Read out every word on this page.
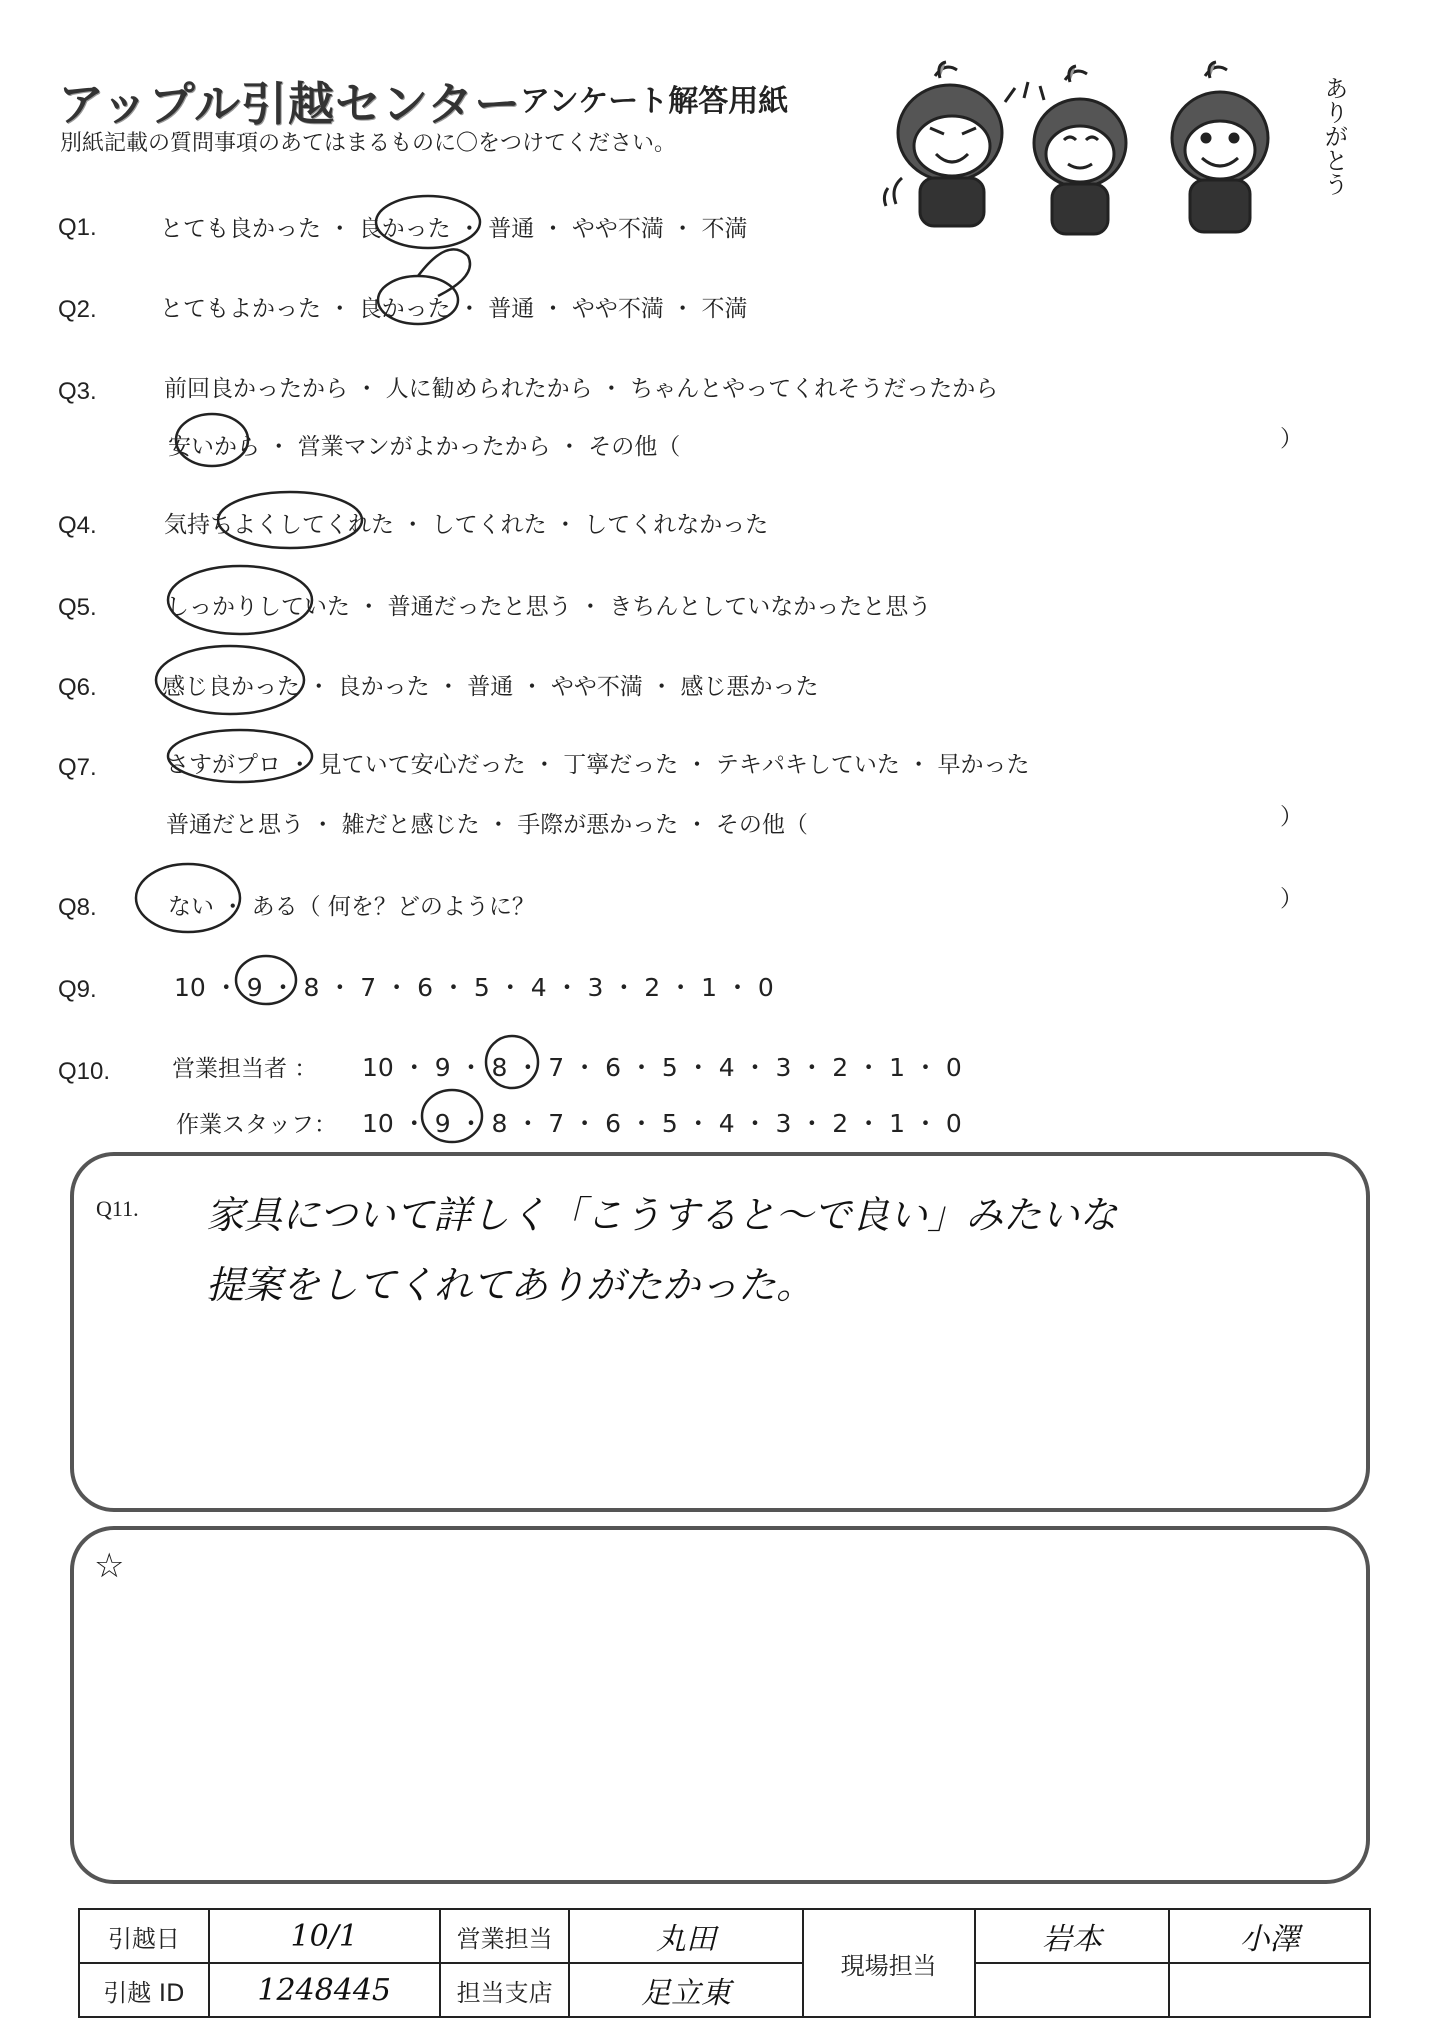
アップル引越センター
アンケート解答用紙
別紙記載の質問事項のあてはまるものに〇をつけてください。	ありがとう
Q1.	とても良かった ・ 良かった ・ 普通 ・ やや不満 ・ 不満
Q2.	とてもよかった ・ 良かった ・ 普通 ・ やや不満 ・ 不満
Q3.	前回良かったから ・ 人に勧められたから ・ ちゃんとやってくれそうだったから
安いから ・ 営業マンがよかったから ・ その他（	）
Q4.	気持ちよくしてくれた ・ してくれた ・ してくれなかった
Q5.	しっかりしていた ・ 普通だったと思う ・ きちんとしていなかったと思う
Q6.	感じ良かった ・ 良かった ・ 普通 ・ やや不満 ・ 感じ悪かった
Q7.	さすがプロ ・ 見ていて安心だった ・ 丁寧だった ・ テキパキしていた ・ 早かった
普通だと思う ・ 雑だと感じた ・ 手際が悪かった ・ その他（	）
Q8.	ない ・ ある（ 何を？どのように？	）
Q9.	10 ・ 9 ・ 8 ・ 7 ・ 6 ・ 5 ・ 4 ・ 3 ・ 2 ・ 1 ・ 0
Q10.	営業担当者 ： 10 ・ 9 ・ 8 ・ 7 ・ 6 ・ 5 ・ 4 ・ 3 ・ 2 ・ 1 ・ 0
作業スタッフ： 10 ・ 9 ・ 8 ・ 7 ・ 6 ・ 5 ・ 4 ・ 3 ・ 2 ・ 1 ・ 0
Q11. 家具について詳しく「こうすると～で良い」みたいな
提案をしてくれてありがたかった。
☆
引越日	10/1	営業担当	丸田	現場担当	岩本	小澤
引越 ID	1248445	担当支店	足立東			
